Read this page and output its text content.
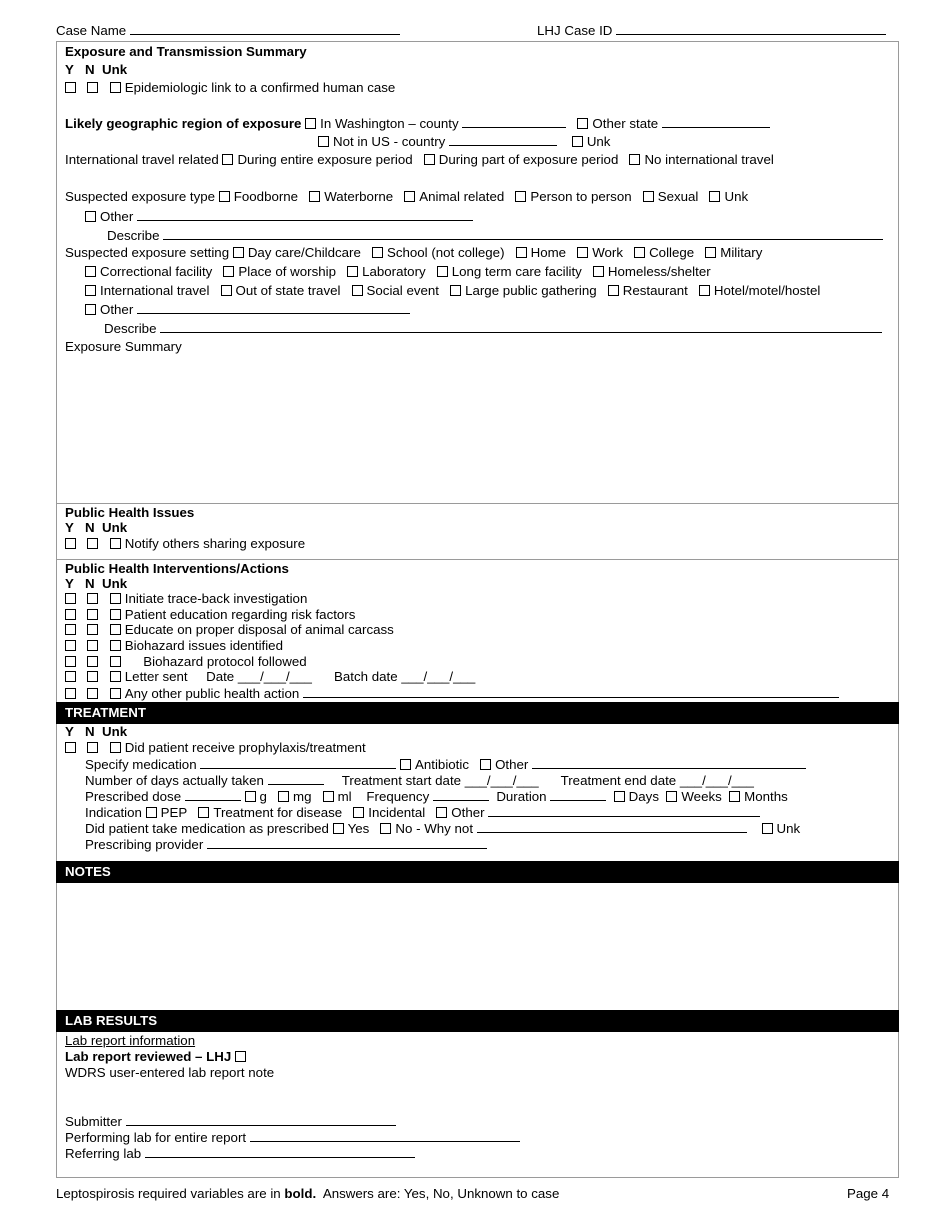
Case Name	LHJ Case ID
Exposure and Transmission Summary
Y N Unk
Epidemiologic link to a confirmed human case
Likely geographic region of exposure In Washington – county	Other state
Not in US - country	Unk
International travel related During entire exposure period During part of exposure period No international travel
Suspected exposure type Foodborne Waterborne Animal related Person to person Sexual Unk
Other
Describe
Suspected exposure setting Day care/Childcare School (not college) Home Work College Military
Correctional facility Place of worship Laboratory Long term care facility Homeless/shelter
International travel Out of state travel Social event Large public gathering Restaurant Hotel/motel/hostel
Other
Describe
Exposure Summary
Public Health Issues
Y N Unk
Notify others sharing exposure
Public Health Interventions/Actions
Y N Unk
Initiate trace-back investigation
Patient education regarding risk factors
Educate on proper disposal of animal carcass
Biohazard issues identified
Biohazard protocol followed
Letter sent Date ___/___/___ Batch date ___/___/___
Any other public health action
TREATMENT
Y N Unk
Did patient receive prophylaxis/treatment
Specify medication	Antibiotic Other
Number of days actually taken	Treatment start date ___/___/___ Treatment end date ___/___/___
Prescribed dose	g mg ml Frequency	Duration	Days Weeks Months
Indication PEP Treatment for disease Incidental Other
Did patient take medication as prescribed Yes No - Why not	Unk
Prescribing provider
NOTES
LAB RESULTS
Lab report information
Lab report reviewed – LHJ
WDRS user-entered lab report note
Submitter
Performing lab for entire report
Referring lab
Leptospirosis required variables are in bold. Answers are: Yes, No, Unknown to case	Page 4
